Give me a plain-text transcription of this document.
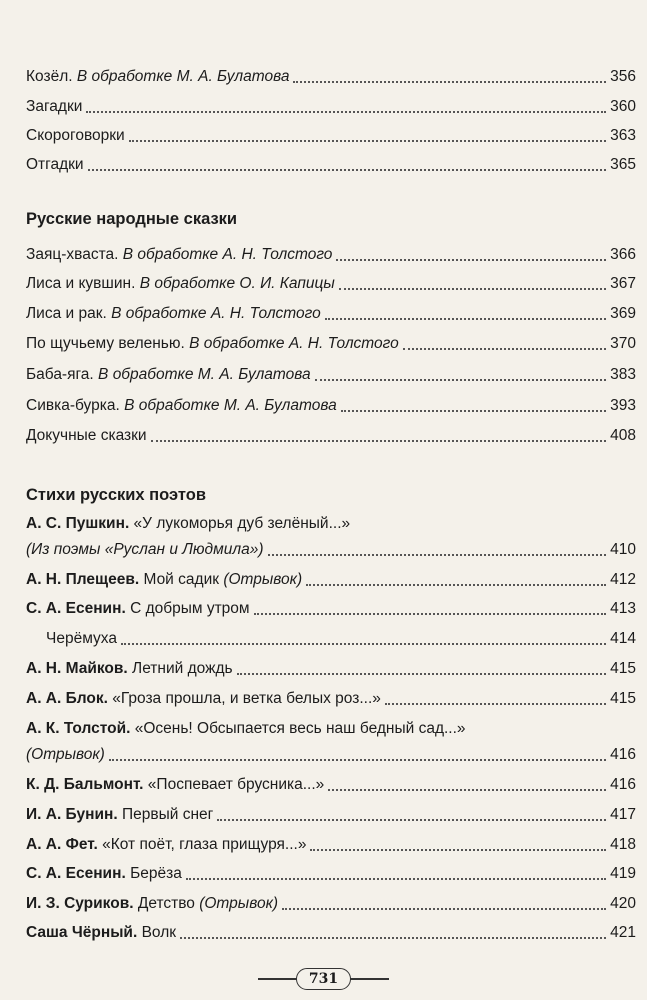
Козёл. В обработке М. А. Булатова	356
Загадки	360
Скороговорки	363
Отгадки	365
Русские народные сказки
Заяц-хваста. В обработке А. Н. Толстого	366
Лиса и кувшин. В обработке О. И. Капицы	367
Лиса и рак. В обработке А. Н. Толстого	369
По щучьему веленью. В обработке А. Н. Толстого	370
Баба-яга. В обработке М. А. Булатова	383
Сивка-бурка. В обработке М. А. Булатова	393
Докучные сказки	408
Стихи русских поэтов
А. С. Пушкин. «У лукоморья дуб зелёный...»
(Из поэмы «Руслан и Людмила»)	410
А. Н. Плещеев. Мой садик (Отрывок)	412
С. А. Есенин. С добрым утром	413
Черёмуха	414
А. Н. Майков. Летний дождь	415
А. А. Блок. «Гроза прошла, и ветка белых роз...»	415
А. К. Толстой. «Осень! Обсыпается весь наш бедный сад...»
(Отрывок)	416
К. Д. Бальмонт. «Поспевает брусника...»	416
И. А. Бунин. Первый снег	417
А. А. Фет. «Кот поёт, глаза прищуря...»	418
С. А. Есенин. Берёза	419
И. З. Суриков. Детство (Отрывок)	420
Саша Чёрный. Волк	421
731
